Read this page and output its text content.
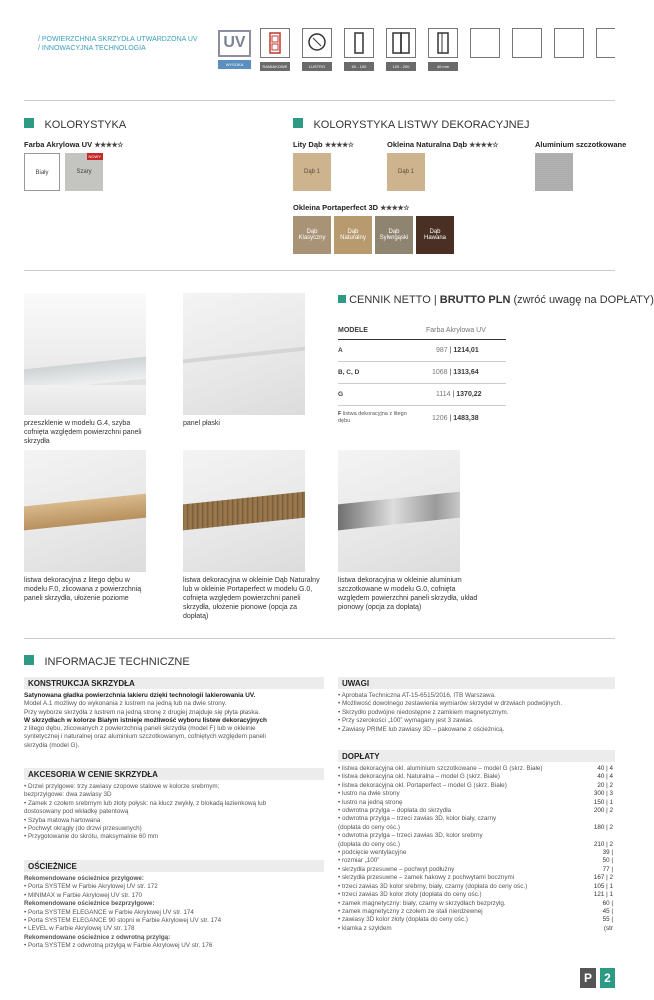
/ POWIERZCHNIA SKRZYDŁA UTWARDZONA UV
/ INNOWACYJNA TECHNOLOGIA	UV
WYSOKA ODPORNOŚĆ
RAMIAKOWE	LUSTRO	60 - 100	120 - 200	40 mm
KOLORYSTYKA
Farba Akrylowa UV ★★★★☆
Biały
NOWY
Szary
KOLORYSTYKA LISTWY DEKORACYJNEJ
Lity Dąb ★★★★☆
Dąb 1
Okleina Naturalna Dąb ★★★★☆
Dąb 1
Aluminium szczotkowane
Okleina Portaperfect 3D ★★★★☆
Dąb Klasyczny
Dąb Naturalny
Dąb Sylwrgąski
Dąb Hawana
przeszklenie w modelu G.4, szyba cofnięta względem powierzchni paneli skrzydła
panel płaski
listwa dekoracyjna z litego dębu w modelu F.0, zlicowana z powierzchnią paneli skrzydła, ułożenie poziome
listwa dekoracyjna w okleinie Dąb Naturalny lub w okleinie Portaperfect w modelu G.0, cofnięta względem powierzchni paneli skrzydła, ułożenie pionowe (opcja za dopłatą)
listwa dekoracyjna w okleinie aluminium szczotkowane w modelu G.0, cofnięta względem powierzchni paneli skrzydła, układ pionowy (opcja za dopłatą)
CENNIK NETTO | BRUTTO PLN (zwróć uwagę na DOPŁATY)
MODELE	Farba Akrylowa UV
A	987 | 1214,01
B, C, D	1068 | 1313,64
G	1114 | 1370,22
F listwa dekoracyjna z litego dębu	1206 | 1483,38
INFORMACJE TECHNICZNE
KONSTRUKCJA SKRZYDŁA
Satynowana gładka powierzchnia lakieru dzięki technologii lakierowania UV.
Model A.1 możliwy do wykonania z lustrem na jedną lub na dwie strony.
Przy wyborze skrzydła z lustrem na jedną stronę z drugiej znajduje się płyta płaska.
W skrzydłach w kolorze Białym istnieje możliwość wyboru listew dekoracyjnych
z litego dębu, zlicowanych z powierzchnią paneli skrzydła (model F) lub w okleinie
syntetycznej i naturalnej oraz aluminium szczotkowanym, cofniętych względem paneli
skrzydła (model G).
AKCESORIA W CENIE SKRZYDŁA
• Drzwi przylgowe: trzy zawiasy czopowe stalowe w kolorze srebrnym;
bezprzylgowe: dwa zawiasy 3D
• Zamek z czołem srebrnym lub złoty połysk: na klucz zwykły, z blokadą łazienkową lub
dostosowany pod wkładkę patentową
• Szyba matowa hartowana
• Pochwyt okrągły (do drzwi przesuwnych)
• Przygotowanie do skrótu, maksymalnie 60 mm
OŚCIEŻNICE
Rekomendowane ościeżnice przylgowe:
• Porta SYSTEM w Farbie Akrylowej UV str. 172
• MINIMAX w Farbie Akrylowej UV str. 170
Rekomendowane ościeżnice bezprzylgowe:
• Porta SYSTEM ELEGANCE w Farbie Akrylowej UV str. 174
• Porta SYSTEM ELEGANCE 90 stopni w Farbie Akrylowej UV str. 174
• LEVEL w Farbie Akrylowej UV str. 178
Rekomendowane ościeżnice z odwrotną przylgą:
• Porta SYSTEM z odwrotną przylgą w Farbie Akrylowej UV str. 176
UWAGI
• Aprobata Techniczna AT-15-6515/2016, ITB Warszawa.
• Możliwość dowolnego zestawienia wymiarów skrzydeł w drzwiach podwójnych.
• Skrzydło podwójne niedostępne z zamkiem magnetycznym.
• Przy szerokości „100” wymagany jest 3 zawias.
• Zawiasy PRIME lub zawiasy 3D – pakowane z ościeżnicą.
DOPŁATY
• listwa dekoracyjna okl. aluminium szczotkowane – model G (skrz. Białe)	40 | 4
• listwa dekoracyjna okl. Naturalna – model G (skrz. Białe)	40 | 4
• listwa dekoracyjna okl. Portaperfect – model G (skrz. Białe)	20 | 2
• lustro na dwie strony	300 | 3
• lustro na jedną stronę	150 | 1
• odwrotna przylga – dopłata do skrzydła	200 | 2
• odwrotna przylga – trzeci zawias 3D, kolor biały, czarny
(dopłata do ceny ośc.)	180 | 2
• odwrotna przylga – trzeci zawias 3D, kolor srebrny
(dopłata do ceny ośc.)	210 | 2
• podcięcie wentylacyjne	39 |
• rozmiar „100”	50 |
• skrzydła przesuwne – pochwyt podłużny	77 |
• skrzydła przesuwne – zamek hakowy z pochwytami bocznymi	167 | 2
• trzeci zawias 3D kolor srebrny, biały, czarny (dopłata do ceny ośc.)	105 | 1
• trzeci zawias 3D kolor złoty (dopłata do ceny ośc.)	121 | 1
• zamek magnetyczny: biały, czarny w skrzydłach bezprzylg.	60 |
• zamek magnetyczny z czołem ze stali nierdzewnej	45 |
• zawiasy 3D kolor złoty (dopłata do ceny ośc.)	55 |
• klamka z szyldem	(str
P	2
